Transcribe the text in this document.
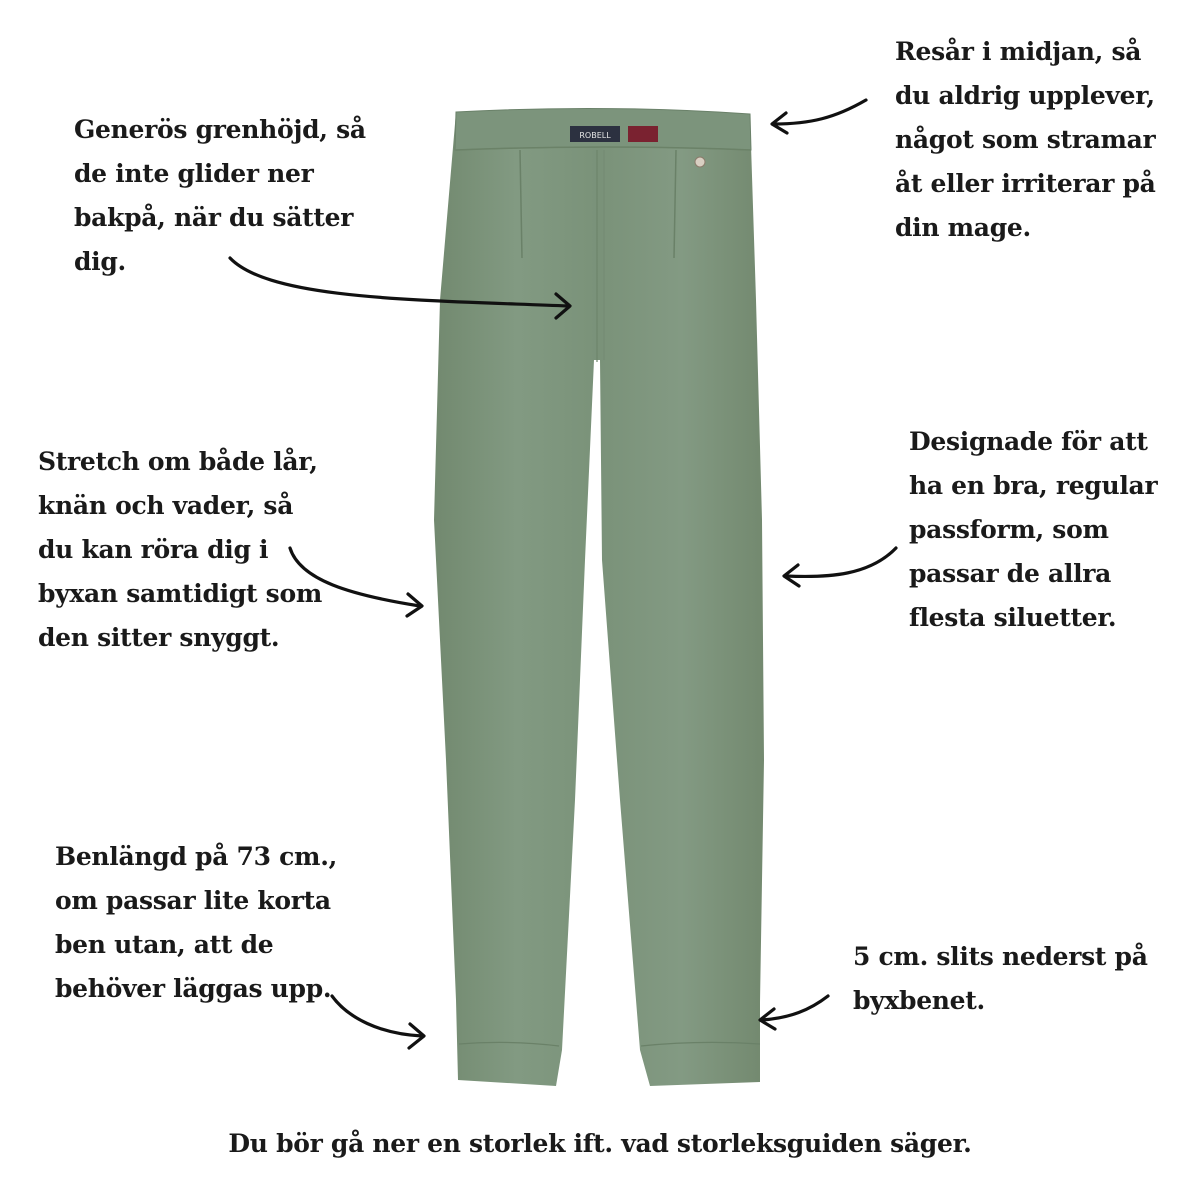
ROBELL
Generös grenhöjd, så
de inte glider ner
bakpå, när du sätter
dig.
Resår i midjan, så
du aldrig upplever,
något som stramar
åt eller irriterar på
din mage.
Stretch om både lår,
knän och vader, så
du kan röra dig i
byxan samtidigt som
den sitter snyggt.
Designade för att
ha en bra, regular
passform, som
passar de allra
flesta siluetter.
Benlängd på 73 cm.,
om passar lite korta
ben utan, att de
behöver läggas upp.
5 cm. slits nederst på
byxbenet.

Du bör gå ner en storlek ift. vad storleksguiden säger.
